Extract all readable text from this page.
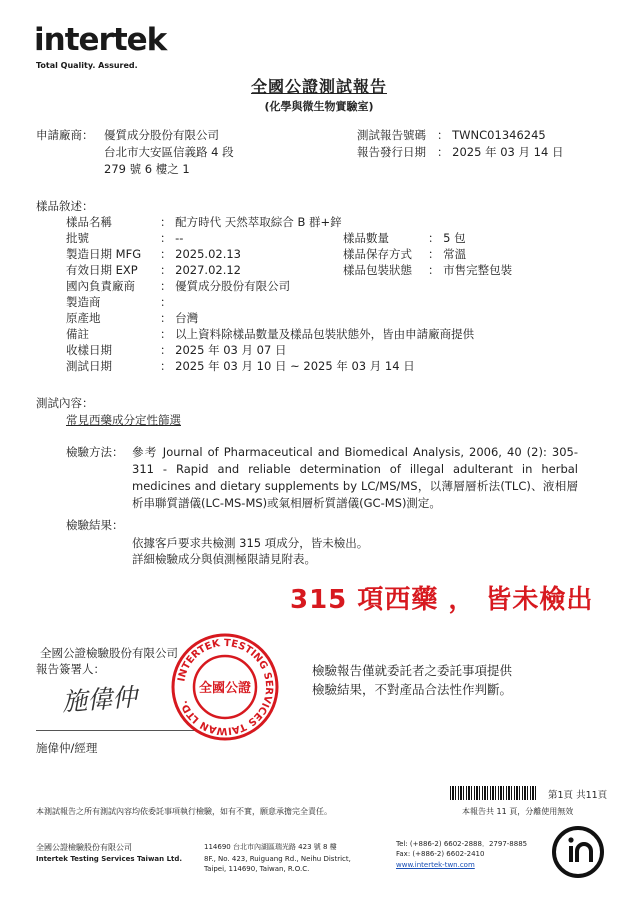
intertek
Total Quality. Assured.
全國公證測試報告
(化學與微生物實驗室)
申請廠商： 優質成分股份有限公司
台北市大安區信義路 4 段
279 號 6 樓之 1
測試報告號碼 ： TWNC01346245
報告發行日期 ： 2025 年 03 月 14 日
樣品敘述：
樣品名稱	： 配方時代 天然萃取綜合 B 群+鋅
批號	： --
製造日期 MFG ： 2025.02.13
有效日期 EXP ： 2027.02.12
國內負責廠商 ： 優質成分股份有限公司
製造商	：
原產地	： 台灣
備註	： 以上資料除樣品數量及樣品包裝狀態外，皆由申請廠商提供
收樣日期	： 2025 年 03 月 07 日
測試日期	： 2025 年 03 月 10 日 ~ 2025 年 03 月 14 日
樣品數量	： 5 包
樣品保存方式 ： 常溫
樣品包裝狀態 ： 市售完整包裝
測試內容：
常見西藥成分定性篩選
檢驗方法： 參考 Journal of Pharmaceutical and Biomedical Analysis, 2006, 40 (2): 305-311 - Rapid and reliable determination of illegal adulterant in herbal medicines and dietary supplements by LC/MS/MS，以薄層層析法(TLC)、液相層析串聯質譜儀(LC-MS-MS)或氣相層析質譜儀(GC-MS)測定。
檢驗結果：
依據客戶要求共檢測 315 項成分，皆未檢出。
詳細檢驗成分與偵測極限請見附表。
315 項西藥 ， 皆未檢出
全國公證檢驗股份有限公司
報告簽署人：
施偉仲
施偉仲/經理
INTERTEK TESTING SERVICES TAIWAN LTD.
全國公證
檢驗報告僅就委託者之委託事項提供
檢驗結果，不對產品合法性作判斷。
第1頁 共11頁
本測試報告之所有測試內容均依委託事項執行檢驗，如有不實，願意承擔完全責任。	本報告共 11 頁，分離使用無效
全國公證檢驗股份有限公司
Intertek Testing Services Taiwan Ltd.
114690 台北市內湖區瑞光路 423 號 8 樓
8F., No. 423, Ruiguang Rd., Neihu District,
Taipei, 114690, Taiwan, R.O.C.
Tel: (+886-2) 6602-2888．2797-8885
Fax: (+886-2) 6602-2410
www.intertek-twn.com
